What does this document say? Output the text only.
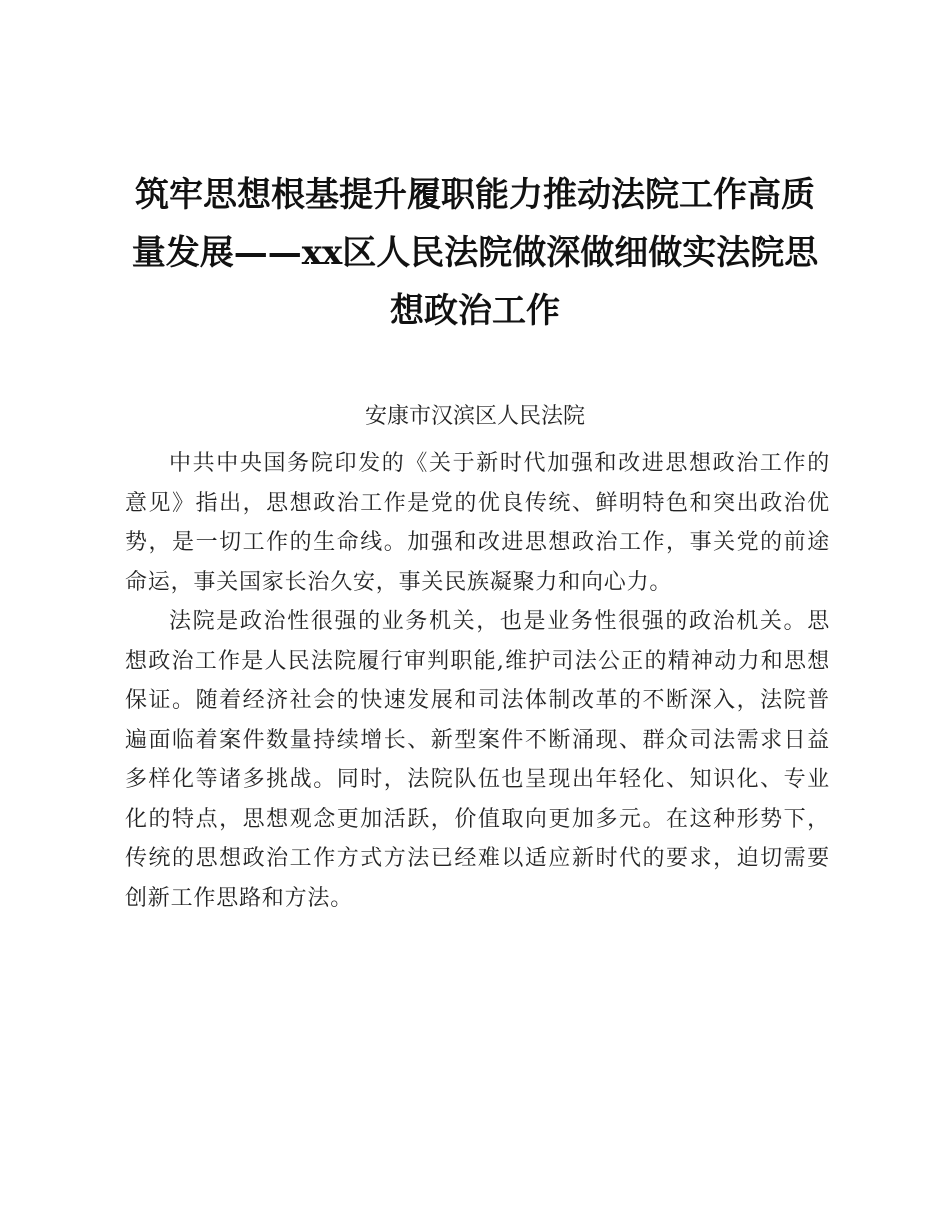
筑牢思想根基提升履职能力推动法院工作高质量发展——xx区人民法院做深做细做实法院思想政治工作
安康市汉滨区人民法院

中共中央国务院印发的《关于新时代加强和改进思想政治工作的意见》指出，思想政治工作是党的优良传统、鲜明特色和突出政治优势，是一切工作的生命线。加强和改进思想政治工作，事关党的前途命运，事关国家长治久安，事关民族凝聚力和向心力。

法院是政治性很强的业务机关，也是业务性很强的政治机关。思想政治工作是人民法院履行审判职能,维护司法公正的精神动力和思想保证。随着经济社会的快速发展和司法体制改革的不断深入，法院普遍面临着案件数量持续增长、新型案件不断涌现、群众司法需求日益多样化等诸多挑战。同时，法院队伍也呈现出年轻化、知识化、专业化的特点，思想观念更加活跃，价值取向更加多元。在这种形势下，传统的思想政治工作方式方法已经难以适应新时代的要求，迫切需要创新工作思路和方法。
